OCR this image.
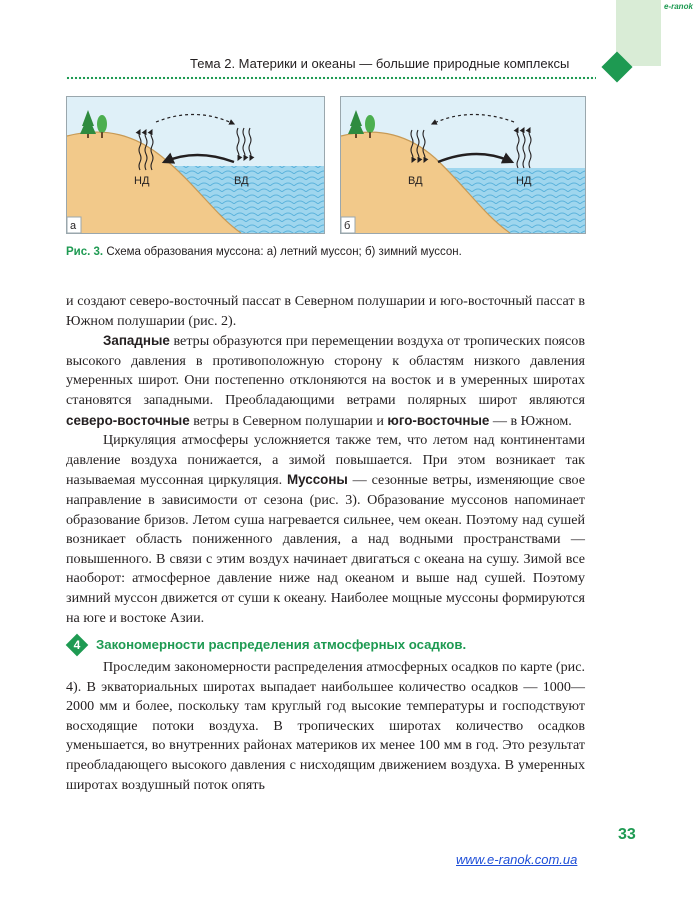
e-ranok
Тема 2. Материки и океаны — большие природные комплексы
НД	ВД
а
ВД	НД
б
Рис. 3. Схема образования муссона: а) летний муссон; б) зимний муссон.

и создают северо-восточный пассат в Северном полушарии и юго-восточный пассат в Южном полушарии (рис. 2).

Западные ветры образуются при перемещении воздуха от тропических поясов высокого давления в противоположную сторону к областям низкого давления умеренных широт. Они постепенно отклоняются на восток и в умеренных широтах становятся западными. Преобладающими ветрами полярных широт являются северо-восточные ветры в Северном полушарии и юго-восточные — в Южном.

Циркуляция атмосферы усложняется также тем, что летом над континентами давление воздуха понижается, а зимой повышается. При этом возникает так называемая муссонная циркуляция. Муссоны — сезонные ветры, изменяющие свое направление в зависимости от сезона (рис. 3). Образование муссонов напоминает образование бризов. Летом суша нагревается сильнее, чем океан. Поэтому над сушей возникает область пониженного давления, а над водными пространствами — повышенного. В связи с этим воздух начинает двигаться с океана на сушу. Зимой все наоборот: атмосферное давление ниже над океаном и выше над сушей. Поэтому зимний муссон движется от суши к океану. Наиболее мощные муссоны формируются на юге и востоке Азии.

4	Закономерности распределения атмосферных осадков.

Проследим закономерности распределения атмосферных осадков по карте (рис. 4). В экваториальных широтах выпадает наибольшее количество осадков — 1000—2000 мм и более, поскольку там круглый год высокие температуры и господствуют восходящие потоки воздуха. В тропических широтах количество осадков уменьшается, во внутренних районах материков их менее 100 мм в год. Это результат преобладающего высокого давления с нисходящим движением воздуха. В умеренных широтах воздушный поток опять

33
www.e-ranok.com.ua
